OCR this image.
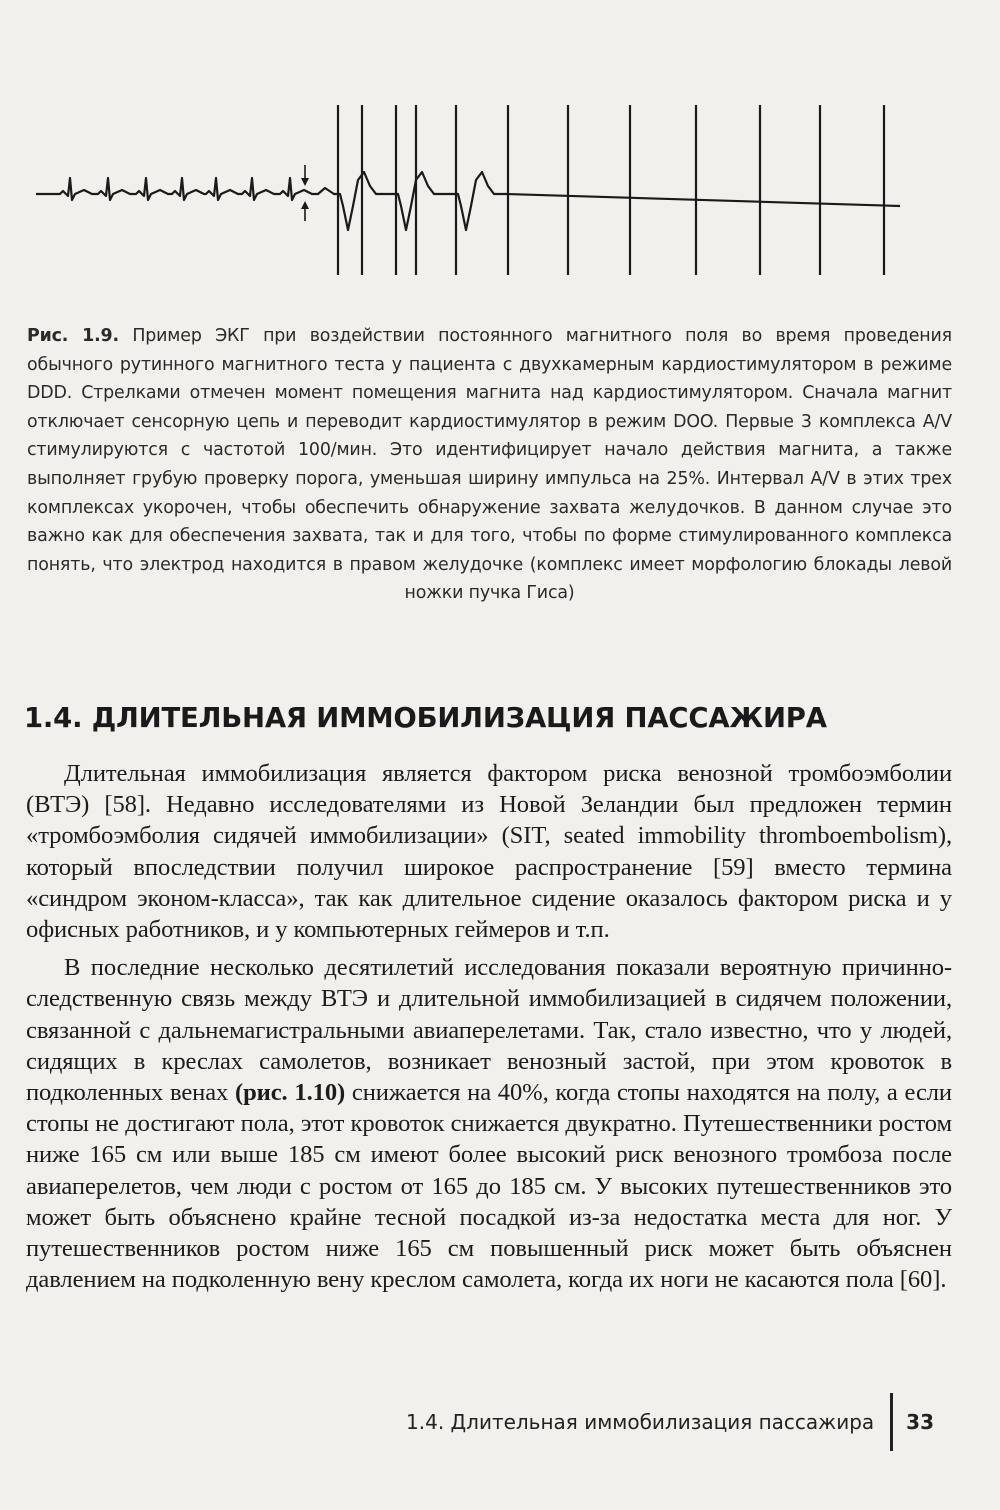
Рис. 1.9. Пример ЭКГ при воздействии постоянного магнитного поля во время проведения обычного рутинного магнитного теста у пациента с двухкамерным кардиостимулятором в режиме DDD. Стрелками отмечен момент помещения магнита над кардиостимулятором. Сначала магнит отключает сенсорную цепь и переводит кардиостимулятор в режим DOO. Первые 3 комплекса A/V стимулируются с частотой 100/мин. Это идентифицирует начало действия магнита, а также выполняет грубую проверку порога, уменьшая ширину импульса на 25%. Интервал A/V в этих трех комплексах укорочен, чтобы обеспечить обнаружение захвата желудочков. В данном случае это важно как для обеспечения захвата, так и для того, чтобы по форме стимулированного комплекса понять, что электрод находится в правом желудочке (комплекс имеет морфологию блокады левой ножки пучка Гиса)
1.4. ДЛИТЕЛЬНАЯ ИММОБИЛИЗАЦИЯ ПАССАЖИРА

Длительная иммобилизация является фактором риска венозной тромбоэмболии (ВТЭ) [58]. Недавно исследователями из Новой Зеландии был предложен термин «тромбоэмболия сидячей иммобилизации» (SIT, seated immobility thromboembolism), который впоследствии получил широкое распространение [59] вместо термина «синдром эконом-класса», так как длительное сидение оказалось фактором риска и у офисных работников, и у компьютерных геймеров и т.п.

В последние несколько десятилетий исследования показали вероятную причинно-следственную связь между ВТЭ и длительной иммобилизацией в сидячем положении, связанной с дальнемагистральными авиаперелетами. Так, стало известно, что у людей, сидящих в креслах самолетов, возникает венозный застой, при этом кровоток в подколенных венах (рис. 1.10) снижается на 40%, когда стопы находятся на полу, а если стопы не достигают пола, этот кровоток снижается двукратно. Путешественники ростом ниже 165 см или выше 185 см имеют более высокий риск венозного тромбоза после авиаперелетов, чем люди с ростом от 165 до 185 см. У высоких путешественников это может быть объяснено крайне тесной посадкой из-за недостатка места для ног. У путешественников ростом ниже 165 см повышенный риск может быть объяснен давлением на подколенную вену креслом самолета, когда их ноги не касаются пола [60].

1.4. Длительная иммобилизация пассажира 33
